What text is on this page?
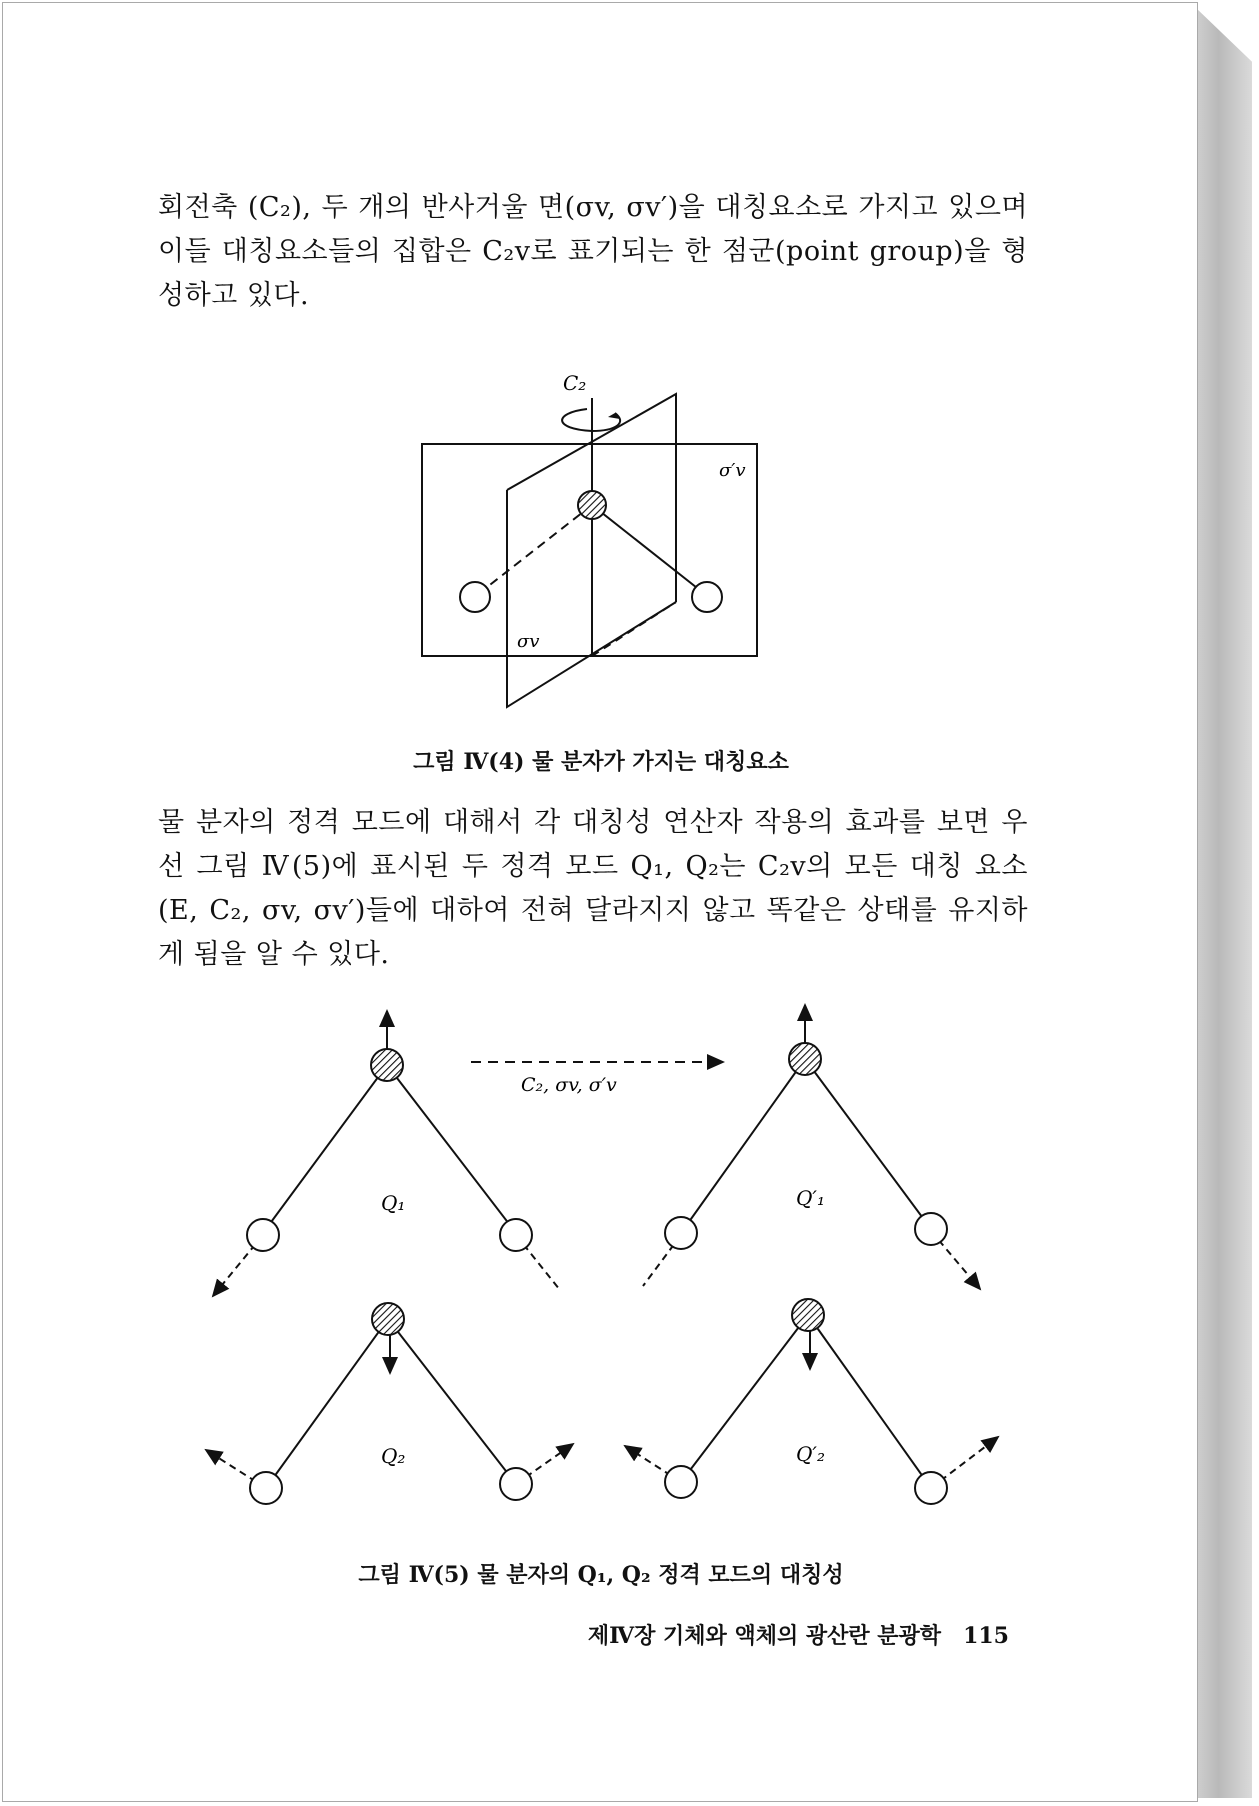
회전축 (C₂), 두 개의 반사거울 면(σv, σv′)을 대칭요소로 가지고 있으며 이들 대칭요소들의 집합은 C₂v로 표기되는 한 점군(point group)을 형성하고 있다.

C₂
σ′v
σv

그림 Ⅳ(4) 물 분자가 가지는 대칭요소

물 분자의 정격 모드에 대해서 각 대칭성 연산자 작용의 효과를 보면 우선 그림 Ⅳ(5)에 표시된 두 정격 모드 Q₁, Q₂는 C₂v의 모든 대칭 요소 (E, C₂, σv, σv′)들에 대하여 전혀 달라지지 않고 똑같은 상태를 유지하게 됨을 알 수 있다.

C₂, σv, σ′v
Q₁	Q′₁
Q₂	Q′₂

그림 Ⅳ(5) 물 분자의 Q₁, Q₂ 정격 모드의 대칭성

제Ⅳ장 기체와 액체의 광산란 분광학 115
